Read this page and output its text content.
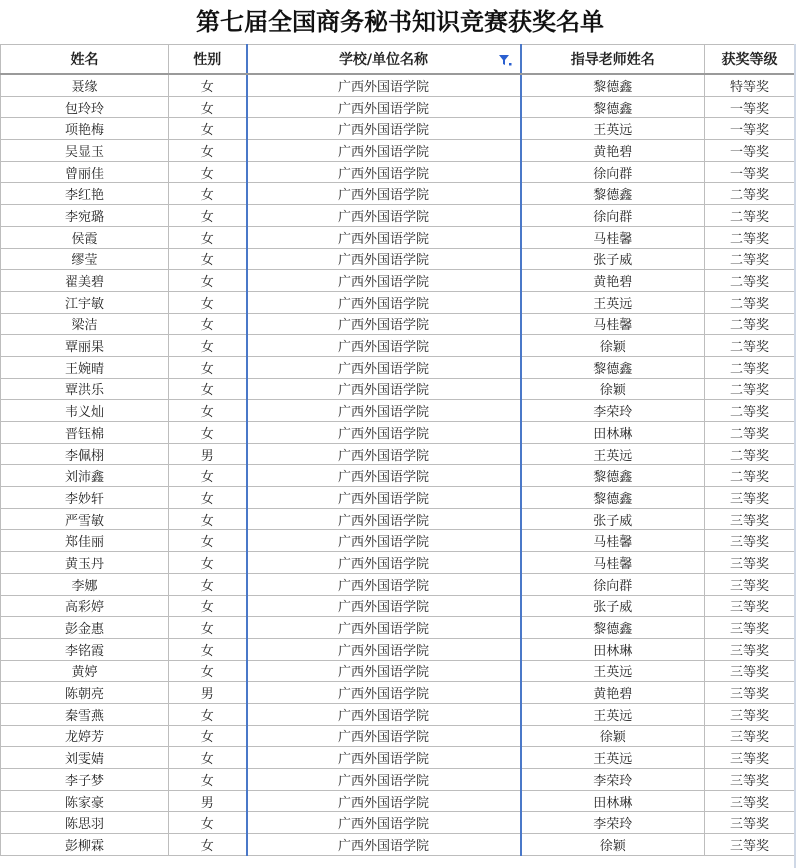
第七届全国商务秘书知识竞赛获奖名单
姓名	性别	学校/单位名称	指导老师姓名	获奖等级
聂缘	女	广西外国语学院	黎德鑫	特等奖
包玲玲	女	广西外国语学院	黎德鑫	一等奖
项艳梅	女	广西外国语学院	王英远	一等奖
吴显玉	女	广西外国语学院	黄艳碧	一等奖
曾丽佳	女	广西外国语学院	徐向群	一等奖
李红艳	女	广西外国语学院	黎德鑫	二等奖
李宛璐	女	广西外国语学院	徐向群	二等奖
侯霞	女	广西外国语学院	马桂馨	二等奖
缪莹	女	广西外国语学院	张子威	二等奖
翟美碧	女	广西外国语学院	黄艳碧	二等奖
江宇敏	女	广西外国语学院	王英远	二等奖
梁洁	女	广西外国语学院	马桂馨	二等奖
覃丽果	女	广西外国语学院	徐颖	二等奖
王婉晴	女	广西外国语学院	黎德鑫	二等奖
覃洪乐	女	广西外国语学院	徐颖	二等奖
韦义灿	女	广西外国语学院	李荣玲	二等奖
晋钰棉	女	广西外国语学院	田林琳	二等奖
李佩栩	男	广西外国语学院	王英远	二等奖
刘沛鑫	女	广西外国语学院	黎德鑫	二等奖
李妙轩	女	广西外国语学院	黎德鑫	三等奖
严雪敏	女	广西外国语学院	张子威	三等奖
郑佳丽	女	广西外国语学院	马桂馨	三等奖
黄玉丹	女	广西外国语学院	马桂馨	三等奖
李娜	女	广西外国语学院	徐向群	三等奖
高彩婷	女	广西外国语学院	张子威	三等奖
彭金惠	女	广西外国语学院	黎德鑫	三等奖
李铭霞	女	广西外国语学院	田林琳	三等奖
黄婷	女	广西外国语学院	王英远	三等奖
陈朝亮	男	广西外国语学院	黄艳碧	三等奖
秦雪燕	女	广西外国语学院	王英远	三等奖
龙婷芳	女	广西外国语学院	徐颖	三等奖
刘雯婧	女	广西外国语学院	王英远	三等奖
李子梦	女	广西外国语学院	李荣玲	三等奖
陈家豪	男	广西外国语学院	田林琳	三等奖
陈思羽	女	广西外国语学院	李荣玲	三等奖
彭柳霖	女	广西外国语学院	徐颖	三等奖
